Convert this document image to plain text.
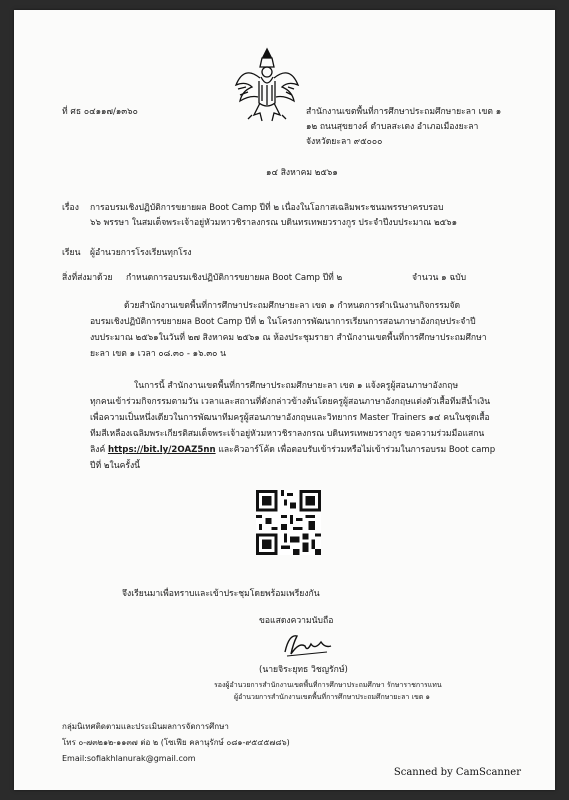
ที่ ศธ ๐๔๑๑๗/๑๓๖๐	สำนักงานเขตพื้นที่การศึกษาประถมศึกษายะลา เขต ๑
๑๒ ถนนสุขยางค์ ตำบลสะเตง อำเภอเมืองยะลา
จังหวัดยะลา ๙๕๐๐๐
๑๔ สิงหาคม ๒๕๖๑
เรื่อง การอบรมเชิงปฏิบัติการขยายผล Boot Camp ปีที่ ๒ เนื่องในโอกาสเฉลิมพระชนมพรรษาครบรอบ
๖๖ พรรษา ในสมเด็จพระเจ้าอยู่หัวมหาวชิราลงกรณ บดินทรเทพยวรางกูร ประจำปีงบประมาณ ๒๕๖๑
เรียน ผู้อำนวยการโรงเรียนทุกโรง
สิ่งที่ส่งมาด้วย กำหนดการอบรมเชิงปฏิบัติการขยายผล Boot Camp ปีที่ ๒	จำนวน ๑ ฉบับ
ด้วยสำนักงานเขตพื้นที่การศึกษาประถมศึกษายะลา เขต ๑ กำหนดการดำเนินงานกิจกรรมจัด
อบรมเชิงปฏิบัติการขยายผล Boot Camp ปีที่ ๒ ในโครงการพัฒนาการเรียนการสอนภาษาอังกฤษประจำปี
งบประมาณ ๒๕๖๑ในวันที่ ๒๗ สิงหาคม ๒๕๖๑ ณ ห้องประชุมรายา สำนักงานเขตพื้นที่การศึกษาประถมศึกษา
ยะลา เขต ๑ เวลา ๐๘.๓๐ - ๑๖.๓๐ น
ในการนี้ สำนักงานเขตพื้นที่การศึกษาประถมศึกษายะลา เขต ๑ แจ้งครูผู้สอนภาษาอังกฤษ
ทุกคนเข้าร่วมกิจกรรมตามวัน เวลาและสถานที่ดังกล่าวข้างต้นโดยครูผู้สอนภาษาอังกฤษแต่งตัวเสื้อทีมสีน้ำเงิน
เพื่อความเป็นหนึ่งเดียวในการพัฒนาทีมครูผู้สอนภาษาอังกฤษและวิทยากร Master Trainers ๑๔ คนใน​ชุดเสื้อ
ทีมสีเหลืองเฉลิมพระเกียรติสมเด็จพระเจ้าอยู่หัวมหาวชิราลงกรณ บดินทรเทพยวรางกูร ขอความร่วมมือแสกน
ลิงค์ https://bit.ly/2OAZ5nn และคิวอาร์โค้ด เพื่อตอบรับเข้าร่วมหรือไม่เข้าร่วมในการอบรม Boot camp
ปีที่ ๒ในครั้งนี้
จึงเรียนมาเพื่อทราบและเข้าประชุมโดยพร้อมเพรียงกัน
ขอแสดงความนับถือ
(นายจิระยุทธ วิชญรักษ์)
รองผู้อำนวยการสำนักงานเขตพื้นที่การศึกษาประถมศึกษา รักษาราชการแทน
ผู้อำนวยการสำนักงานเขตพื้นที่การศึกษาประถมศึกษายะลา เขต ๑
กลุ่มนิเทศติดตามและประเมินผลการจัดการศึกษา
โทร ๐-๗๓๒๑๒-๑๑๓๗ ต่อ ๒ (โซเฟีย คลานุรักษ์ ๐๘๑-๙๕๔๕๗๘๖)
Email:sofiakhlanurak@gmail.com
Scanned by CamScanner
